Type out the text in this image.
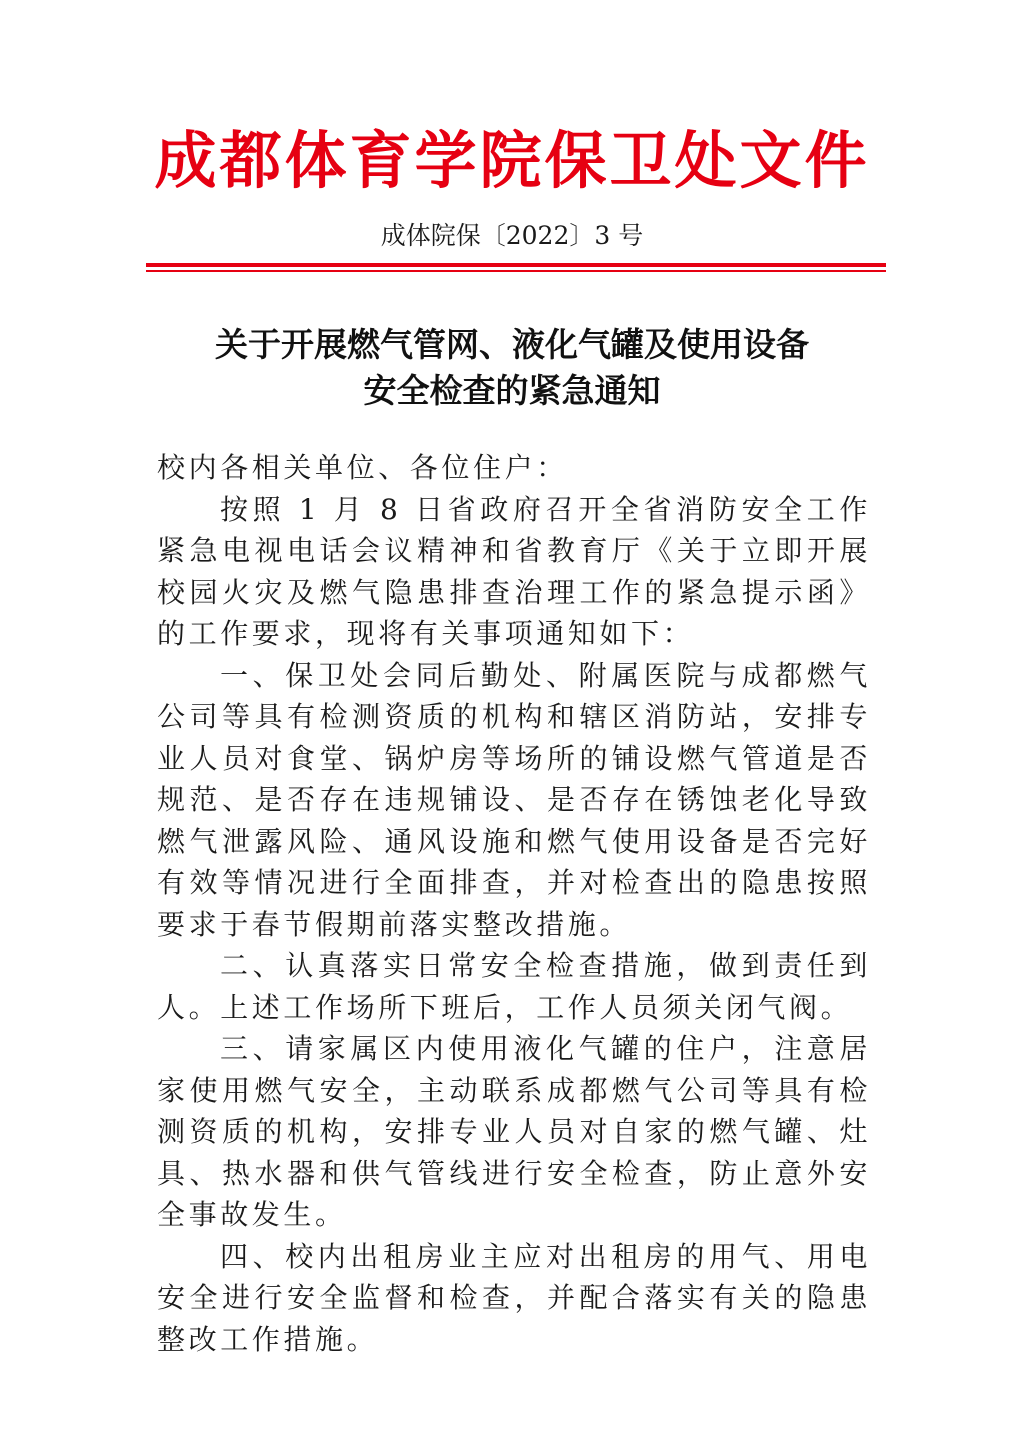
成都体育学院保卫处文件
成体院保〔2022〕3 号
关于开展燃气管网、液化气罐及使用设备
安全检查的紧急通知

校内各相关单位、各位住户：

按照 1 月 8 日省政府召开全省消防安全工作紧急电视电话会议精神和省教育厅《关于立即开展校园火灾及燃气隐患排查治理工作的紧急提示函》的工作要求，现将有关事项通知如下：

一、保卫处会同后勤处、附属医院与成都燃气公司等具有检测资质的机构和辖区消防站，安排专业人员对食堂、锅炉房等场所的铺设燃气管道是否规范、是否存在违规铺设、是否存在锈蚀老化导致燃气泄露风险、通风设施和燃气使用设备是否完好有效等情况进行全面排查，并对检查出的隐患按照要求于春节假期前落实整改措施。

二、认真落实日常安全检查措施，做到责任到人。上述工作场所下班后，工作人员须关闭气阀。

三、请家属区内使用液化气罐的住户，注意居家使用燃气安全，主动联系成都燃气公司等具有检测资质的机构，安排专业人员对自家的燃气罐、灶具、热水器和供气管线进行安全检查，防止意外安全事故发生。

四、校内出租房业主应对出租房的用气、用电安全进行安全监督和检查，并配合落实有关的隐患整改工作措施。
